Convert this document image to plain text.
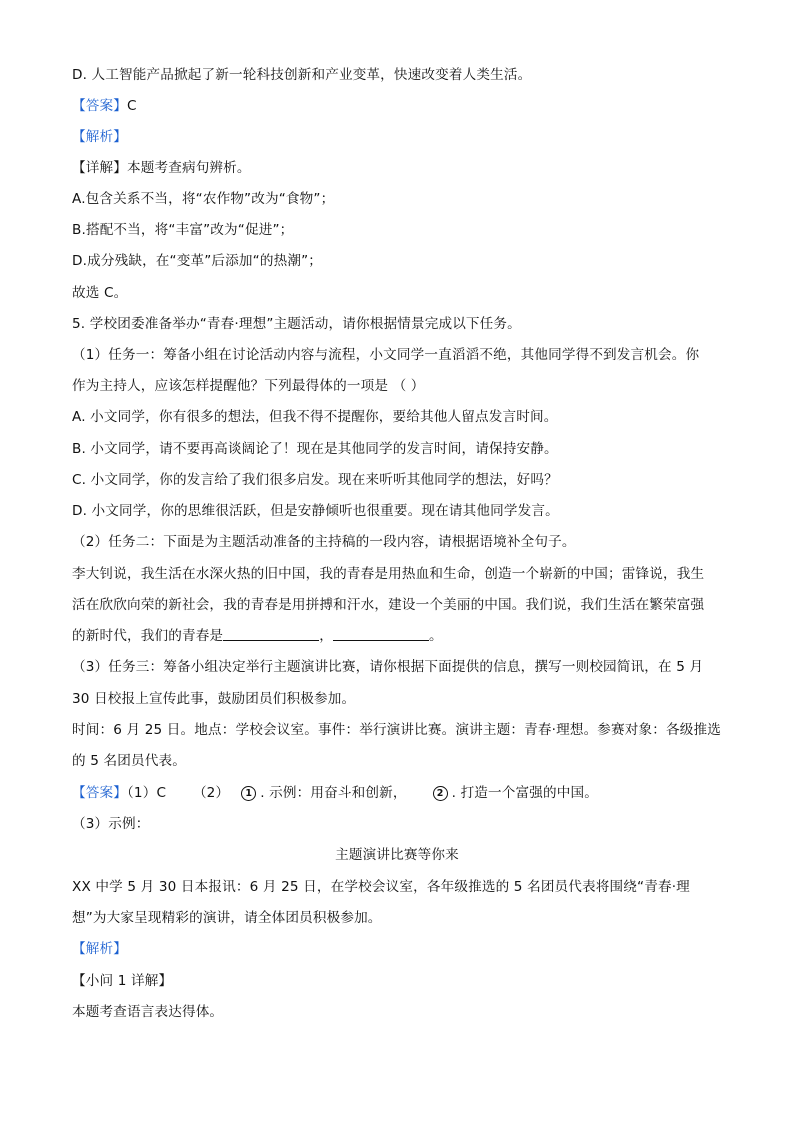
D. 人工智能产品掀起了新一轮科技创新和产业变革，快速改变着人类生活。
【答案】C
【解析】
【详解】本题考查病句辨析。
A.包含关系不当，将“农作物”改为“食物”；
B.搭配不当，将“丰富”改为“促进”；
D.成分残缺，在“变革”后添加“的热潮”；
故选 C。
5. 学校团委准备举办“青春·理想”主题活动，请你根据情景完成以下任务。
（1）任务一：筹备小组在讨论活动内容与流程，小文同学一直滔滔不绝，其他同学得不到发言机会。你
作为主持人，应该怎样提醒他？下列最得体的一项是 （ ）
A. 小文同学，你有很多的想法，但我不得不提醒你，要给其他人留点发言时间。
B. 小文同学，请不要再高谈阔论了！现在是其他同学的发言时间，请保持安静。
C. 小文同学，你的发言给了我们很多启发。现在来听听其他同学的想法，好吗？
D. 小文同学，你的思维很活跃，但是安静倾听也很重要。现在请其他同学发言。
（2）任务二：下面是为主题活动准备的主持稿的一段内容，请根据语境补全句子。
李大钊说，我生活在水深火热的旧中国，我的青春是用热血和生命，创造一个崭新的中国；雷锋说，我生
活在欣欣向荣的新社会，我的青春是用拼搏和汗水，建设一个美丽的中国。我们说，我们生活在繁荣富强
的新时代，我们的青春是	，	。
（3）任务三：筹备小组决定举行主题演讲比赛，请你根据下面提供的信息，撰写一则校园简讯，在 5 月
30 日校报上宣传此事，鼓励团员们积极参加。
时间：6 月 25 日。地点：学校会议室。事件：举行演讲比赛。演讲主题：青春·理想。参赛对象：各级推选
的 5 名团员代表。
【答案】（1）C      （2） 1 . 示例：用奋斗和创新，	2 . 打造一个富强的中国。
（3）示例：
主题演讲比赛等你来
XX 中学 5 月 30 日本报讯：6 月 25 日，在学校会议室，各年级推选的 5 名团员代表将围绕“青春·理
想”为大家呈现精彩的演讲，请全体团员积极参加。
【解析】
【小问 1 详解】
本题考查语言表达得体。
